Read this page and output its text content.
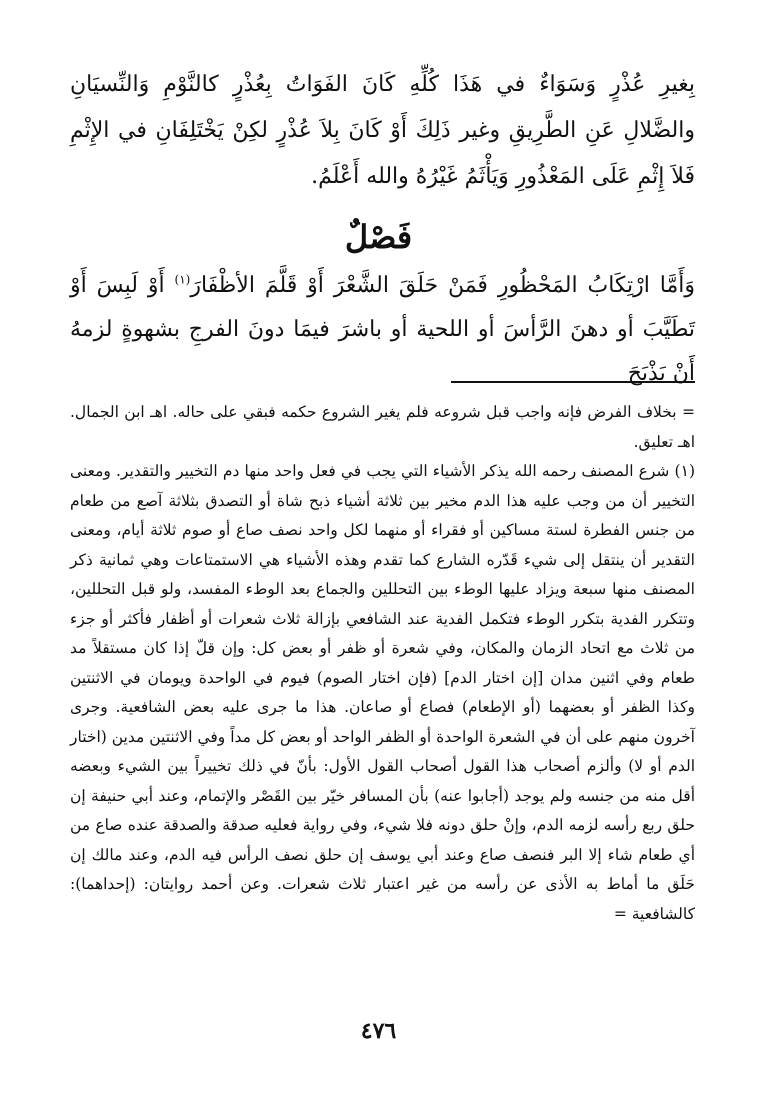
بِغيرِ عُذْرٍ وَسَوَاءٌ في هَذَا كُلِّهِ كَانَ الفَوَاتُ بِعُذْرٍ كالنَّوْمِ وَالنِّسيَانِ والضَّلالِ عَنِ الطَّرِيقِ وغير ذَلِكَ أَوْ كَانَ بِلاَ عُذْرٍ لكِنْ يَخْتَلِفَانِ في الإِثْمِ فَلاَ إِثْمِ عَلَى المَعْذُورِ وَيَأْثَمُ غَيْرُهُ والله أَعْلَمُ.

فَصْلٌ

وَأَمَّا ارْتِكَابُ المَحْظُورِ فَمَنْ حَلَقَ الشَّعْرَ أَوْ قَلَّمَ الأظْفَارَ$^{(١)}$ أَوْ لَبِسَ أَوْ تَطَيَّبَ أو دهنَ الرَّأسَ أو اللحية أو باشرَ فيمَا دونَ الفرجِ بشهوةٍ لزمهُ أَنْ يَذْبَحَ

= بخلاف الفرض فإنه واجب قبل شروعه فلم يغير الشروع حكمه فبقي على حاله. اهـ ابن الجمال. اهـ تعليق.

(١) شرع المصنف رحمه الله يذكر الأشياء التي يجب في فعل واحد منها دم التخيير والتقدير. ومعنى التخيير أن من وجب عليه هذا الدم مخير بين ثلاثة أشياء ذبح شاة أو التصدق بثلاثة آصع من طعام من جنس الفطرة لستة مساكين أو فقراء أو منهما لكل واحد نصف صاع أو صوم ثلاثة أيام، ومعنى التقدير أن ينتقل إلى شيء قَدّره الشارع كما تقدم وهذه الأشياء هي الاستمتاعات وهي ثمانية ذكر المصنف منها سبعة ويزاد عليها الوطء بين التحللين والجماع بعد الوطء المفسد، ولو قبل التحللين، وتتكرر الفدية بتكرر الوطء فتكمل الفدية عند الشافعي بإزالة ثلاث شعرات أو أظفار فأكثر أو جزء من ثلاث مع اتحاد الزمان والمكان، وفي شعرة أو ظفر أو بعض كل: وإن قلّ إذا كان مستقلاً مد طعام وفي اثنين مدان [إن اختار الدم] (فإن اختار الصوم) فيوم في الواحدة ويومان في الاثنتين وكذا الظفر أو بعضهما (أو الإطعام) فصاع أو صاعان. هذا ما جرى عليه بعض الشافعية. وجرى آخرون منهم على أن في الشعرة الواحدة أو الظفر الواحد أو بعض كل مداً وفي الاثنتين مدين (اختار الدم أو لا) وألزم أصحاب هذا القول أصحاب القول الأول: بأنّ في ذلك تخييراً بين الشيء وبعضه أقل منه من جنسه ولم يوجد (أجابوا عنه) بأن المسافر خيّر بين القَصْر والإتمام، وعند أبي حنيفة إن حلق ربع رأسه لزمه الدم، وإنْ حلق دونه فلا شيء، وفي رواية فعليه صدقة والصدقة عنده صاع من أي طعام شاء إلا البر فنصف صاع وعند أبي يوسف إن حلق نصف الرأس فيه الدم، وعند مالك إن حَلَق ما أماط به الأذى عن رأسه من غير اعتبار ثلاث شعرات. وعن أحمد روايتان: (إحداهما): كالشافعية =

٤٧٦
